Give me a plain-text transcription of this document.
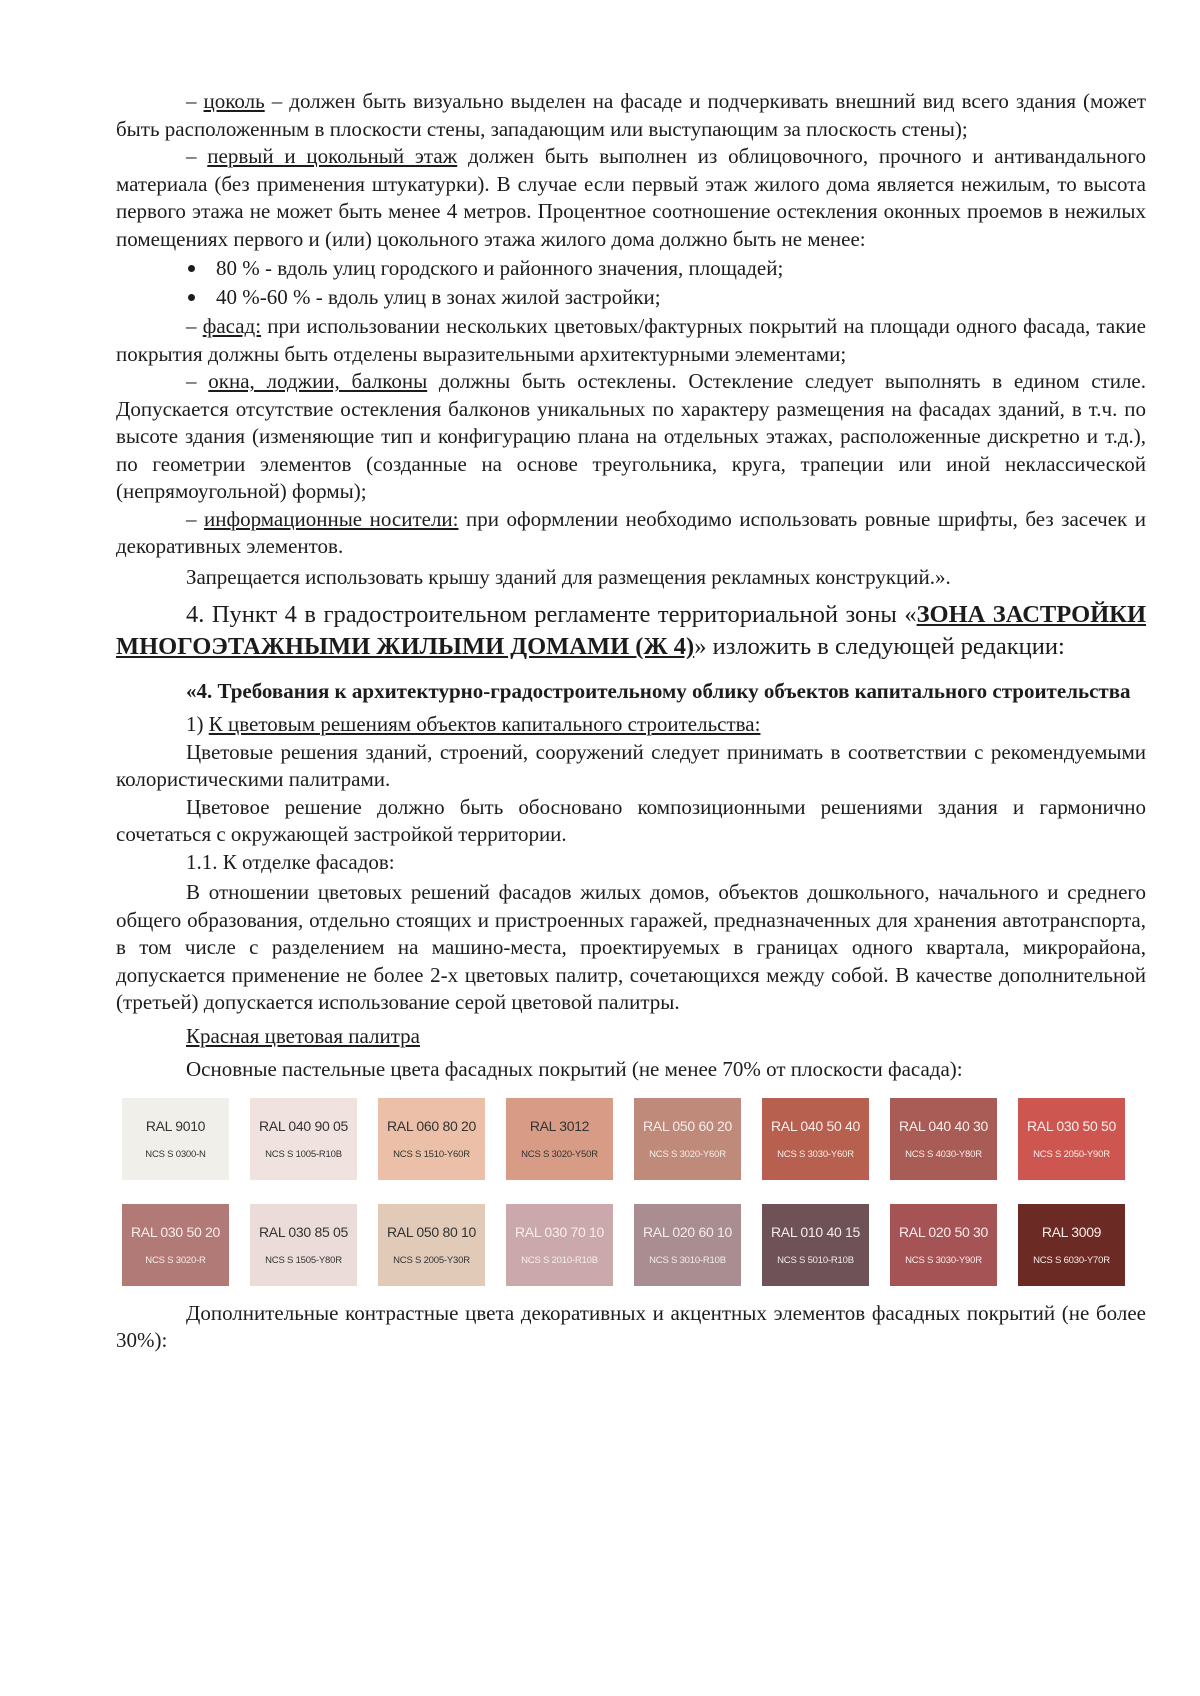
– цоколь – должен быть визуально выделен на фасаде и подчеркивать внешний вид всего здания (может быть расположенным в плоскости стены, западающим или выступающим за плоскость стены);

– первый и цокольный этаж должен быть выполнен из облицовочного, прочного и антивандального материала (без применения штукатурки). В случае если первый этаж жилого дома является нежилым, то высота первого этажа не может быть менее 4 метров. Процентное соотношение остекления оконных проемов в нежилых помещениях первого и (или) цокольного этажа жилого дома должно быть не менее:

80 % - вдоль улиц городского и районного значения, площадей;
40 %-60 % - вдоль улиц в зонах жилой застройки;

– фасад: при использовании нескольких цветовых/фактурных покрытий на площади одного фасада, такие покрытия должны быть отделены выразительными архитектурными элементами;

– окна, лоджии, балконы должны быть остеклены. Остекление следует выполнять в едином стиле. Допускается отсутствие остекления балконов уникальных по характеру размещения на фасадах зданий, в т.ч. по высоте здания (изменяющие тип и конфигурацию плана на отдельных этажах, расположенные дискретно и т.д.), по геометрии элементов (созданные на основе треугольника, круга, трапеции или иной неклассической (непрямоугольной) формы);

– информационные носители: при оформлении необходимо использовать ровные шрифты, без засечек и декоративных элементов.

Запрещается использовать крышу зданий для размещения рекламных конструкций.».

4. Пункт 4 в градостроительном регламенте территориальной зоны «ЗОНА ЗАСТРОЙКИ МНОГОЭТАЖНЫМИ ЖИЛЫМИ ДОМАМИ (Ж 4)» изложить в следующей редакции:

«4. Требования к архитектурно-градостроительному облику объектов капитального строительства

1) К цветовым решениям объектов капитального строительства:

Цветовые решения зданий, строений, сооружений следует принимать в соответствии с рекомендуемыми колористическими палитрами.

Цветовое решение должно быть обосновано композиционными решениями здания и гармонично сочетаться с окружающей застройкой территории.

1.1. К отделке фасадов:

В отношении цветовых решений фасадов жилых домов, объектов дошкольного, начального и среднего общего образования, отдельно стоящих и пристроенных гаражей, предназначенных для хранения автотранспорта, в том числе с разделением на машино-места, проектируемых в границах одного квартала, микрорайона, допускается применение не более 2-х цветовых палитр, сочетающихся между собой. В качестве дополнительной (третьей) допускается использование серой цветовой палитры.

Красная цветовая палитра

Основные пастельные цвета фасадных покрытий (не менее 70% от плоскости фасада):

RAL 9010
NCS S 0300-N
RAL 040 90 05
NCS S 1005-R10B
RAL 060 80 20
NCS S 1510-Y60R
RAL 3012
NCS S 3020-Y50R
RAL 050 60 20
NCS S 3020-Y60R
RAL 040 50 40
NCS S 3030-Y60R
RAL 040 40 30
NCS S 4030-Y80R
RAL 030 50 50
NCS S 2050-Y90R
RAL 030 50 20
NCS S 3020-R
RAL 030 85 05
NCS S 1505-Y80R
RAL 050 80 10
NCS S 2005-Y30R
RAL 030 70 10
NCS S 2010-R10B
RAL 020 60 10
NCS S 3010-R10B
RAL 010 40 15
NCS S 5010-R10B
RAL 020 50 30
NCS S 3030-Y90R
RAL 3009
NCS S 6030-Y70R

Дополнительные контрастные цвета декоративных и акцентных элементов фасадных покрытий (не более 30%):
